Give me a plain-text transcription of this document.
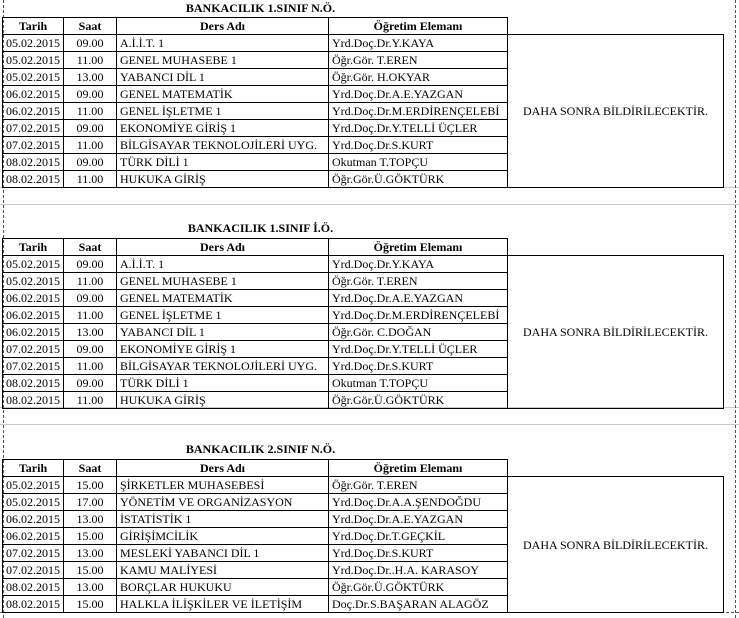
BANKACILIK 1.SINIF N.Ö.
Tarih	Saat	Ders Adı	Öğretim Elemanı	
05.02.2015	09.00	A.İ.İ.T. 1	Yrd.Doç.Dr.Y.KAYA	DAHA SONRA BİLDİRİLECEKTİR.
05.02.2015	11.00	GENEL MUHASEBE 1	Öğr.Gör. T.EREN	
05.02.2015	13.00	YABANCI DİL 1	Öğr.Gör. H.OKYAR	
06.02.2015	09.00	GENEL MATEMATİK	Yrd.Doç.Dr.A.E.YAZGAN	
06.02.2015	11.00	GENEL İŞLETME 1	Yrd.Doç.Dr.M.ERDİRENÇELEBİ	
07.02.2015	09.00	EKONOMİYE GİRİŞ 1	Yrd.Doç.Dr.Y.TELLİ ÜÇLER	
07.02.2015	11.00	BİLGİSAYAR TEKNOLOJİLERİ UYG.	Yrd.Doç.Dr.S.KURT	
08.02.2015	09.00	TÜRK DİLİ 1	Okutman T.TOPÇU	
08.02.2015	11.00	HUKUKA GİRİŞ	Öğr.Gör.Ü.GÖKTÜRK	
BANKACILIK 1.SINIF İ.Ö.
Tarih	Saat	Ders Adı	Öğretim Elemanı	
05.02.2015	09.00	A.İ.İ.T. 1	Yrd.Doç.Dr.Y.KAYA	DAHA SONRA BİLDİRİLECEKTİR.
05.02.2015	11.00	GENEL MUHASEBE 1	Öğr.Gör. T.EREN	
06.02.2015	09.00	GENEL MATEMATİK	Yrd.Doç.Dr.A.E.YAZGAN	
06.02.2015	11.00	GENEL İŞLETME 1	Yrd.Doç.Dr.M.ERDİRENÇELEBİ	
06.02.2015	13.00	YABANCI DİL 1	Öğr.Gör. C.DOĞAN	
07.02.2015	09.00	EKONOMİYE GİRİŞ 1	Yrd.Doç.Dr.Y.TELLİ ÜÇLER	
07.02.2015	11.00	BİLGİSAYAR TEKNOLOJİLERİ UYG.	Yrd.Doç.Dr.S.KURT	
08.02.2015	09.00	TÜRK DİLİ 1	Okutman T.TOPÇU	
08.02.2015	11.00	HUKUKA GİRİŞ	Öğr.Gör.Ü.GÖKTÜRK	
BANKACILIK 2.SINIF N.Ö.
Tarih	Saat	Ders Adı	Öğretim Elemanı	
05.02.2015	15.00	ŞİRKETLER MUHASEBESİ	Öğr.Gör. T.EREN	DAHA SONRA BİLDİRİLECEKTİR.
05.02.2015	17.00	YÖNETİM VE ORGANİZASYON	Yrd.Doç.Dr.A.A.ŞENDOĞDU	
06.02.2015	13.00	İSTATİSTİK 1	Yrd.Doç.Dr.A.E.YAZGAN	
06.02.2015	15.00	GİRİŞİMCİLİK	Yrd.Doç.Dr.T.GEÇKİL	
07.02.2015	13.00	MESLEKİ YABANCI DİL 1	Yrd.Doç.Dr.S.KURT	
07.02.2015	15.00	KAMU MALİYESİ	Yrd.Doç.Dr..H.A. KARASOY	
08.02.2015	13.00	BORÇLAR HUKUKU	Öğr.Gör.Ü.GÖKTÜRK	
08.02.2015	15.00	HALKLA İLİŞKİLER VE İLETİŞİM	Doç.Dr.S.BAŞARAN ALAGÖZ	
